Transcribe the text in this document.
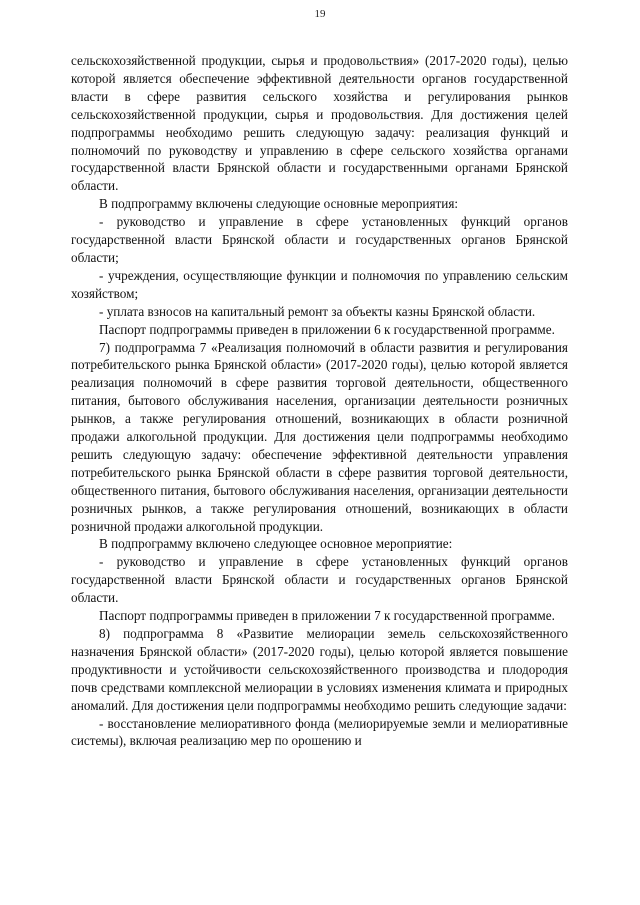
19

сельскохозяйственной продукции, сырья и продовольствия» (2017-2020 годы), целью которой является обеспечение эффективной деятельности органов государственной власти в сфере развития сельского хозяйства и регулирования рынков сельскохозяйственной продукции, сырья и продовольствия. Для достижения целей подпрограммы необходимо решить следующую задачу: реализация функций и полномочий по руководству и управлению в сфере сельского хозяйства органами государственной власти Брянской области и государственными органами Брянской области.

В подпрограмму включены следующие основные мероприятия:

- руководство и управление в сфере установленных функций органов государственной власти Брянской области и государственных органов Брянской области;

- учреждения, осуществляющие функции и полномочия по управлению сельским хозяйством;

- уплата взносов на капитальный ремонт за объекты казны Брянской области.

Паспорт подпрограммы приведен в приложении 6 к государственной программе.

7) подпрограмма 7 «Реализация полномочий в области развития и регулирования потребительского рынка Брянской области» (2017-2020 годы), целью которой является реализация полномочий в сфере развития торговой деятельности, общественного питания, бытового обслуживания населения, организации деятельности розничных рынков, а также регулирования отношений, возникающих в области розничной продажи алкогольной продукции. Для достижения цели подпрограммы необходимо решить следующую задачу: обеспечение эффективной деятельности управления потребительского рынка Брянской области в сфере развития торговой деятельности, общественного питания, бытового обслуживания населения, организации деятельности розничных рынков, а также регулирования отношений, возникающих в области розничной продажи алкогольной продукции.

В подпрограмму включено следующее основное мероприятие:

- руководство и управление в сфере установленных функций органов государственной власти Брянской области и государственных органов Брянской области.

Паспорт подпрограммы приведен в приложении 7 к государственной программе.

8) подпрограмма 8 «Развитие мелиорации земель сельскохозяйственного назначения Брянской области» (2017-2020 годы), целью которой является повышение продуктивности и устойчивости сельскохозяйственного производства и плодородия почв средствами комплексной мелиорации в условиях изменения климата и природных аномалий. Для достижения цели подпрограммы необходимо решить следующие задачи:

- восстановление мелиоративного фонда (мелиорируемые земли и мелиоративные системы), включая реализацию мер по орошению и
